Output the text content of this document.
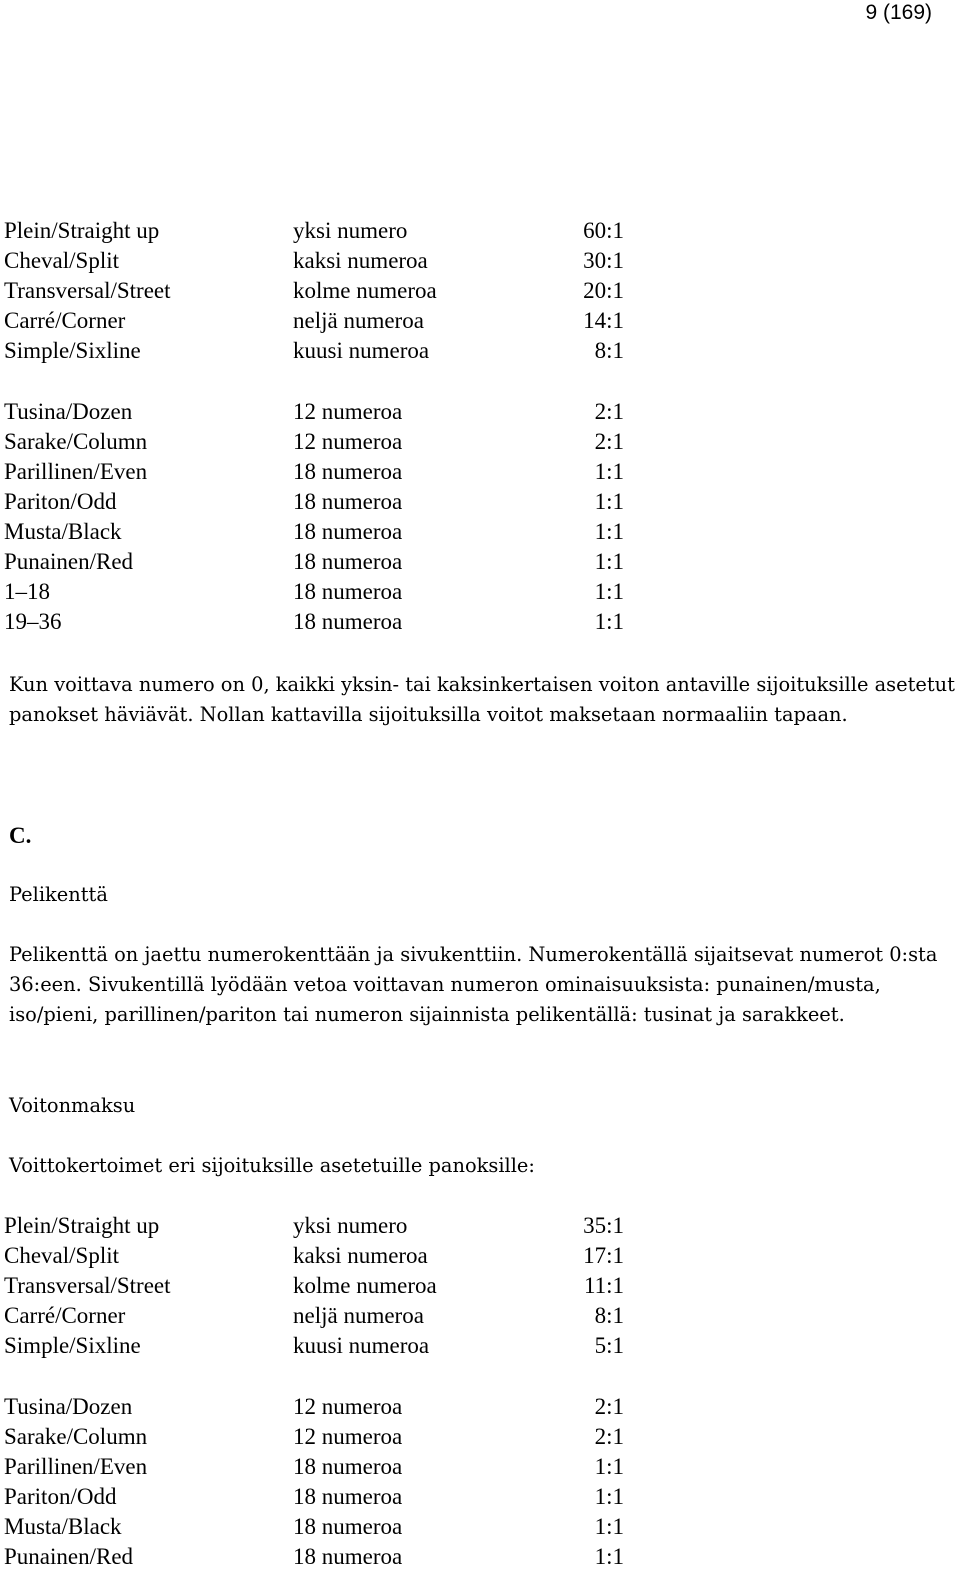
9 (169)
Plein/Straight up	yksi numero	60:1
Cheval/Split	kaksi numeroa	30:1
Transversal/Street	kolme numeroa	20:1
Carré/Corner	neljä numeroa	14:1
Simple/Sixline	kuusi numeroa	8:1
Tusina/Dozen	12 numeroa	2:1
Sarake/Column	12 numeroa	2:1
Parillinen/Even	18 numeroa	1:1
Pariton/Odd	18 numeroa	1:1
Musta/Black	18 numeroa	1:1
Punainen/Red	18 numeroa	1:1
1–18	18 numeroa	1:1
19–36	18 numeroa	1:1

Kun voittava numero on 0, kaikki yksin- tai kaksinkertaisen voiton antaville sijoituksille asetetut panokset häviävät. Nollan kattavilla sijoituksilla voitot maksetaan normaaliin tapaan.

C.

Pelikenttä

Pelikenttä on jaettu numerokenttään ja sivukenttiin. Numerokentällä sijaitsevat numerot 0:sta 36:een. Sivukentillä lyödään vetoa voittavan numeron ominaisuuksista: punainen/musta, iso/pieni, parillinen/pariton tai numeron sijainnista pelikentällä: tusinat ja sarakkeet.

Voitonmaksu

Voittokertoimet eri sijoituksille asetetuille panoksille:

Plein/Straight up	yksi numero	35:1
Cheval/Split	kaksi numeroa	17:1
Transversal/Street	kolme numeroa	11:1
Carré/Corner	neljä numeroa	8:1
Simple/Sixline	kuusi numeroa	5:1
Tusina/Dozen	12 numeroa	2:1
Sarake/Column	12 numeroa	2:1
Parillinen/Even	18 numeroa	1:1
Pariton/Odd	18 numeroa	1:1
Musta/Black	18 numeroa	1:1
Punainen/Red	18 numeroa	1:1
